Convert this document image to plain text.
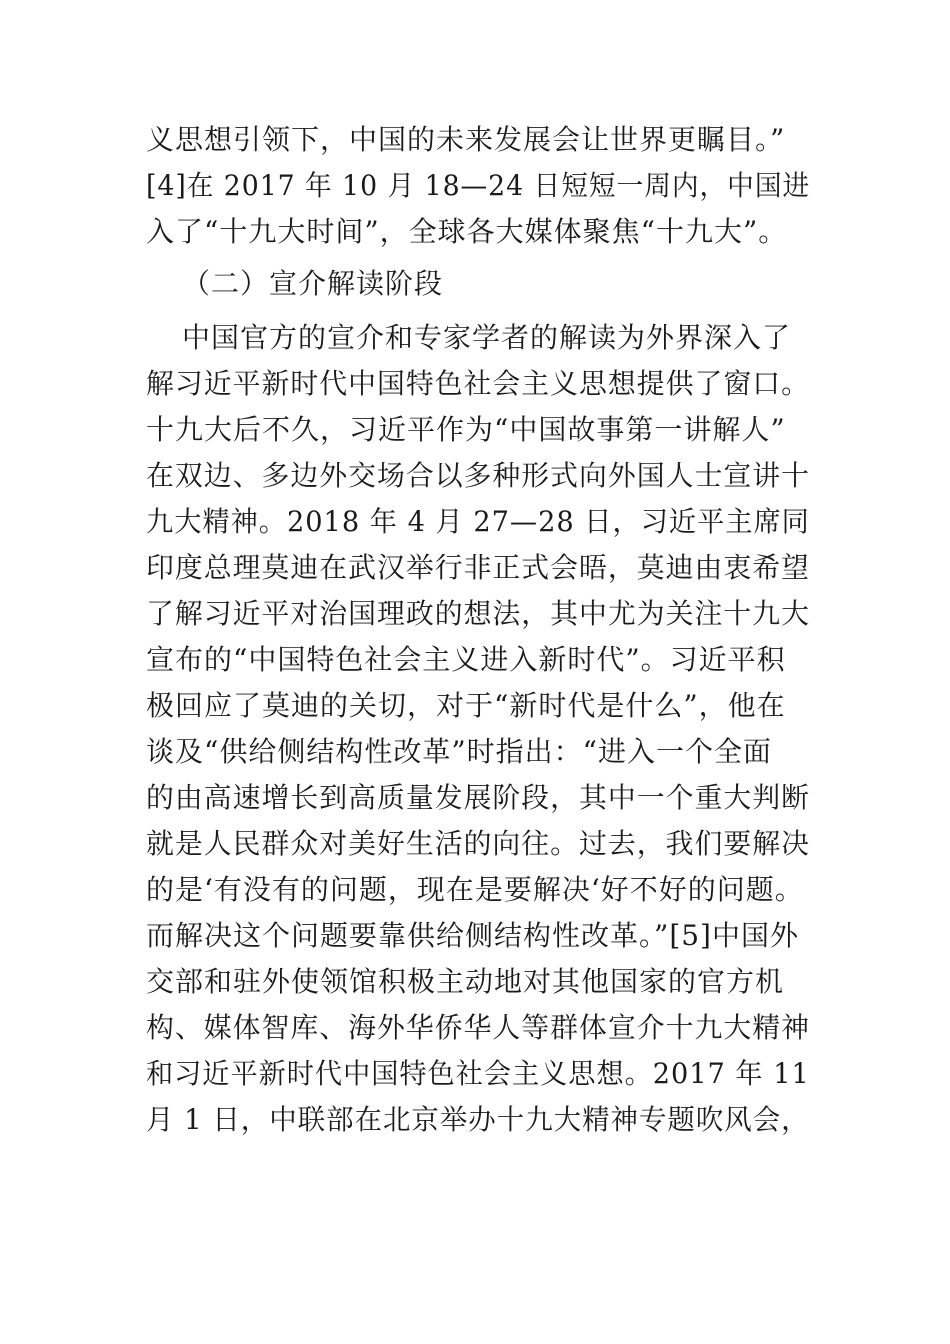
义思想引领下，中国的未来发展会让世界更瞩目。”
[4]在 2017 年 10 月 18—24 日短短一周内，中国进
入了“十九大时间”，全球各大媒体聚焦“十九大”。
（二）宣介解读阶段
中国官方的宣介和专家学者的解读为外界深入了
解习近平新时代中国特色社会主义思想提供了窗口。
十九大后不久，习近平作为“中国故事第一讲解人”
在双边、多边外交场合以多种形式向外国人士宣讲十
九大精神。2018 年 4 月 27—28 日，习近平主席同
印度总理莫迪在武汉举行非正式会晤，莫迪由衷希望
了解习近平对治国理政的想法，其中尤为关注十九大
宣布的“中国特色社会主义进入新时代”。习近平积
极回应了莫迪的关切，对于“新时代是什么”，他在
谈及“供给侧结构性改革”时指出：“进入一个全面
的由高速增长到高质量发展阶段，其中一个重大判断
就是人民群众对美好生活的向往。过去，我们要解决
的是‘有没有的问题，现在是要解决‘好不好的问题。
而解决这个问题要靠供给侧结构性改革。”[5]中国外
交部和驻外使领馆积极主动地对其他国家的官方机
构、媒体智库、海外华侨华人等群体宣介十九大精神
和习近平新时代中国特色社会主义思想。2017 年 11
月 1 日，中联部在北京举办十九大精神专题吹风会，
